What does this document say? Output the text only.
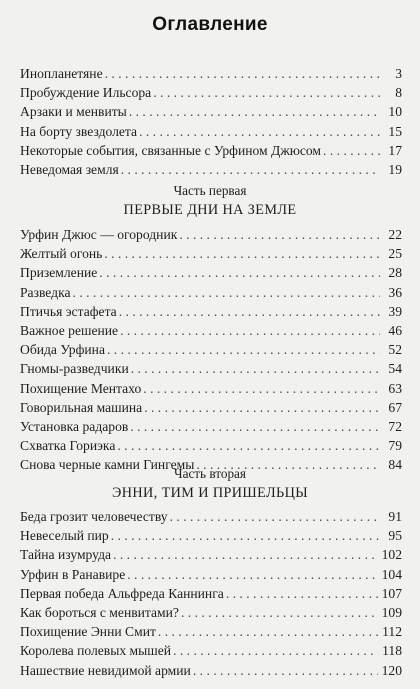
Оглавление
Инопланетяне . . .	3
Пробуждение Ильсора . . .	8
Арзаки и менвиты . . .	10
На борту звездолета . . .	15
Некоторые события, связанные с Урфином Джюсом . . .	17
Неведомая земля . . .	19
Часть первая
ПЕРВЫЕ ДНИ НА ЗЕМЛЕ
Урфин Джюс — огородник . . .	22
Желтый огонь . . .	25
Приземление . . .	28
Разведка . . .	36
Птичья эстафета . . .	39
Важное решение . . .	46
Обида Урфина . . .	52
Гномы-разведчики . . .	54
Похищение Ментахо . . .	63
Говорильная машина . . .	67
Установка радаров . . .	72
Схватка Гориэка . . .	79
Снова черные камни Гингемы . . .	84
Часть вторая
ЭННИ, ТИМ И ПРИШЕЛЬЦЫ
Беда грозит человечеству . . .	91
Невеселый пир . . .	95
Тайна изумруда . . .	102
Урфин в Ранавире . . .	104
Первая победа Альфреда Каннинга . . .	107
Как бороться с менвитами? . . .	109
Похищение Энни Смит . . .	112
Королева полевых мышей . . .	118
Нашествие невидимой армии . . .	120
